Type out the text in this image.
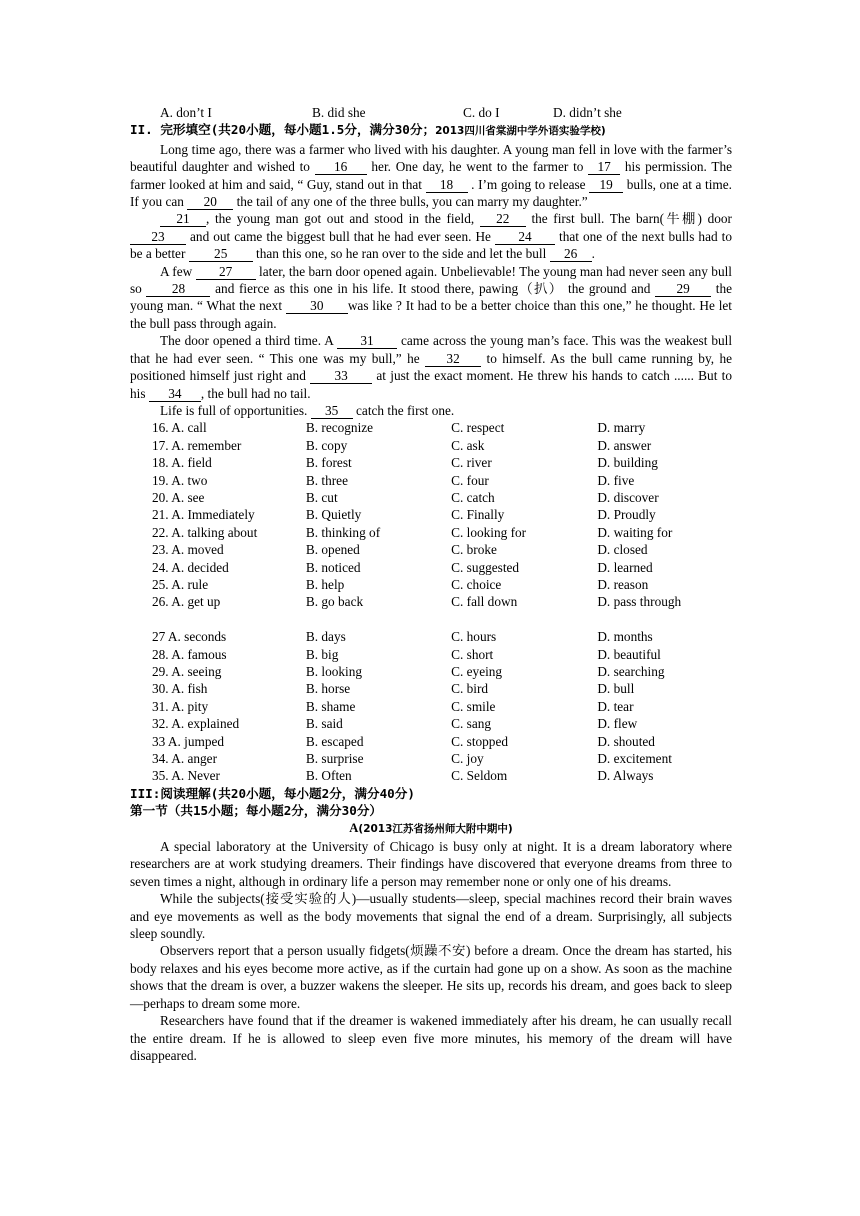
A. don’t I	B. did she	C. do I	D. didn’t she
II. 完形填空(共20小题，每小题1.5分，满分30分；2013四川省棠湖中学外语实验学校)
Long time ago, there was a farmer who lived with his daughter. A young man fell in love with the farmer’s beautiful daughter and wished to 16 her. One day, he went to the farmer to 17 his permission. The farmer looked at him and said, “ Guy, stand out in that 18 . I’m going to release 19 bulls, one at a time. If you can 20 the tail of any one of the three bulls, you can marry my daughter.”
21 , the young man got out and stood in the field, 22 the first bull. The barn(牛棚) door 23 and out came the biggest bull that he had ever seen. He 24 that one of the next bulls had to be a better 25 than this one, so he ran over to the side and let the bull 26 .
A few 27 later, the barn door opened again. Unbelievable! The young man had never seen any bull so 28 and fierce as this one in his life. It stood there, pawing（扒） the ground and 29 the young man. “ What the next 30 was like ? It had to be a better choice than this one,” he thought. He let the bull pass through again.
The door opened a third time. A 31 came across the young man’s face. This was the weakest bull that he had ever seen. “ This one was my bull,” he 32 to himself. As the bull came running by, he positioned himself just right and 33 at just the exact moment. He threw his hands to catch ...... But to his 34 , the bull had no tail.
Life is full of opportunities. 35 catch the first one.
16. A. call	B. recognize	C. respect	D. marry
17. A. remember	B. copy	C. ask	D. answer
18. A. field	B. forest	C. river	D. building
19. A. two	B. three	C. four	D. five
20. A. see	B. cut	C. catch	D. discover
21. A. Immediately	B. Quietly	C. Finally	D. Proudly
22. A. talking about	B. thinking of	C. looking for	D. waiting for
23. A. moved	B. opened	C. broke	D. closed
24. A. decided	B. noticed	C. suggested	D. learned
25. A. rule	B. help	C. choice	D. reason
26. A. get up	B. go back	C. fall down	D. pass through
27 A. seconds	B. days	C. hours	D. months
28. A. famous	B. big	C. short	D. beautiful
29. A. seeing	B. looking	C. eyeing	D. searching
30. A. fish	B. horse	C. bird	D. bull
31. A. pity	B. shame	C. smile	D. tear
32. A. explained	B. said	C. sang	D. flew
33 A. jumped	B. escaped	C. stopped	D. shouted
34. A. anger	B. surprise	C. joy	D. excitement
35. A. Never	B. Often	C. Seldom	D. Always
III:阅读理解(共20小题，每小题2分，满分40分)
第一节（共15小题；每小题2分，满分30分）
A(2013江苏省扬州师大附中期中)
A special laboratory at the University of Chicago is busy only at night. It is a dream laboratory where researchers are at work studying dreamers. Their findings have discovered that everyone dreams from three to seven times a night, although in ordinary life a person may remember none or only one of his dreams.
While the subjects(接受实验的人)—usually students—sleep, special machines record their brain waves and eye movements as well as the body movements that signal the end of a dream. Surprisingly, all subjects sleep soundly.
Observers report that a person usually fidgets(烦躁不安) before a dream. Once the dream has started, his body relaxes and his eyes become more active, as if the curtain had gone up on a show. As soon as the machine shows that the dream is over, a buzzer wakens the sleeper. He sits up, records his dream, and goes back to sleep—perhaps to dream some more.
Researchers have found that if the dreamer is wakened immediately after his dream, he can usually recall the entire dream. If he is allowed to sleep even five more minutes, his memory of the dream will have disappeared.
